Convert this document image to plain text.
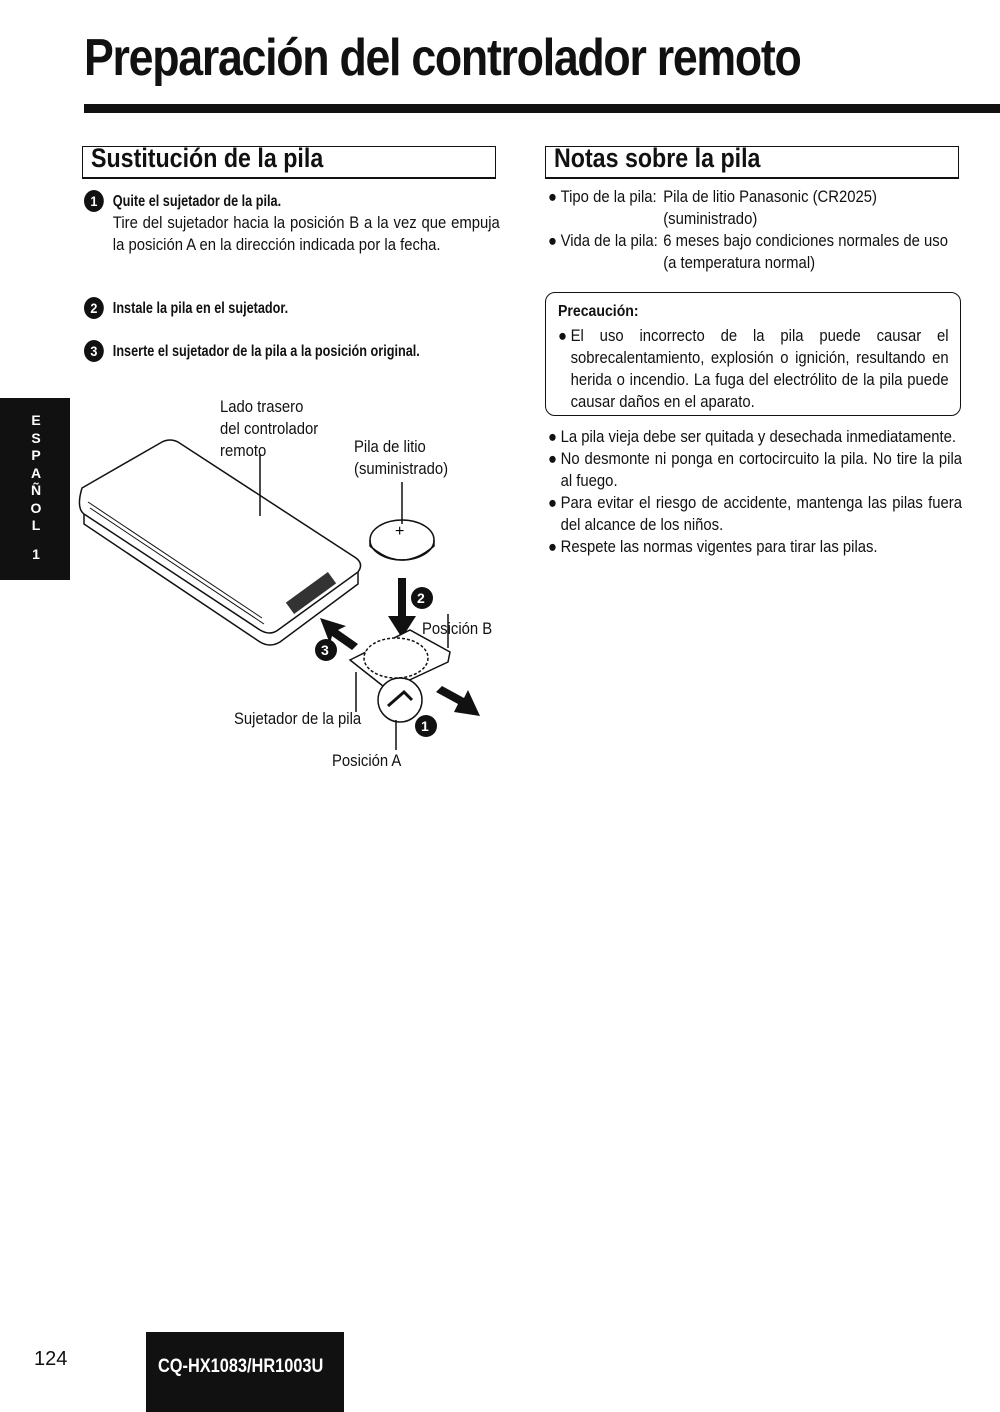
Preparación del controlador remoto
Sustitución de la pila
1 Quite el sujetador de la pila.
Tire del sujetador hacia la posición B a la vez que empuja la posición A en la dirección indicada por la fecha.
2 Instale la pila en el sujetador.
3 Inserte el sujetador de la pila a la posición original.
+
2
3
1
Lado trasero
del controlador
remoto	Pila de litio
(suministrado)
Posición B
Sujetador de la pila
Posición A
ESPAÑOL
1
Notas sobre la pila
● Tipo de la pila: Pila de litio Panasonic (CR2025) (suministrado)
● Vida de la pila: 6 meses bajo condiciones normales de uso (a temperatura normal)
Precaución:
● El uso incorrecto de la pila puede causar el sobrecalentamiento, explosión o ignición, resultando en herida o incendio. La fuga del electrólito de la pila puede causar daños en el aparato.
● La pila vieja debe ser quitada y desechada inmediatamente.
● No desmonte ni ponga en cortocircuito la pila. No tire la pila al fuego.
● Para evitar el riesgo de accidente, mantenga las pilas fuera del alcance de los niños.
● Respete las normas vigentes para tirar las pilas.
124	CQ-HX1083/HR1003U
